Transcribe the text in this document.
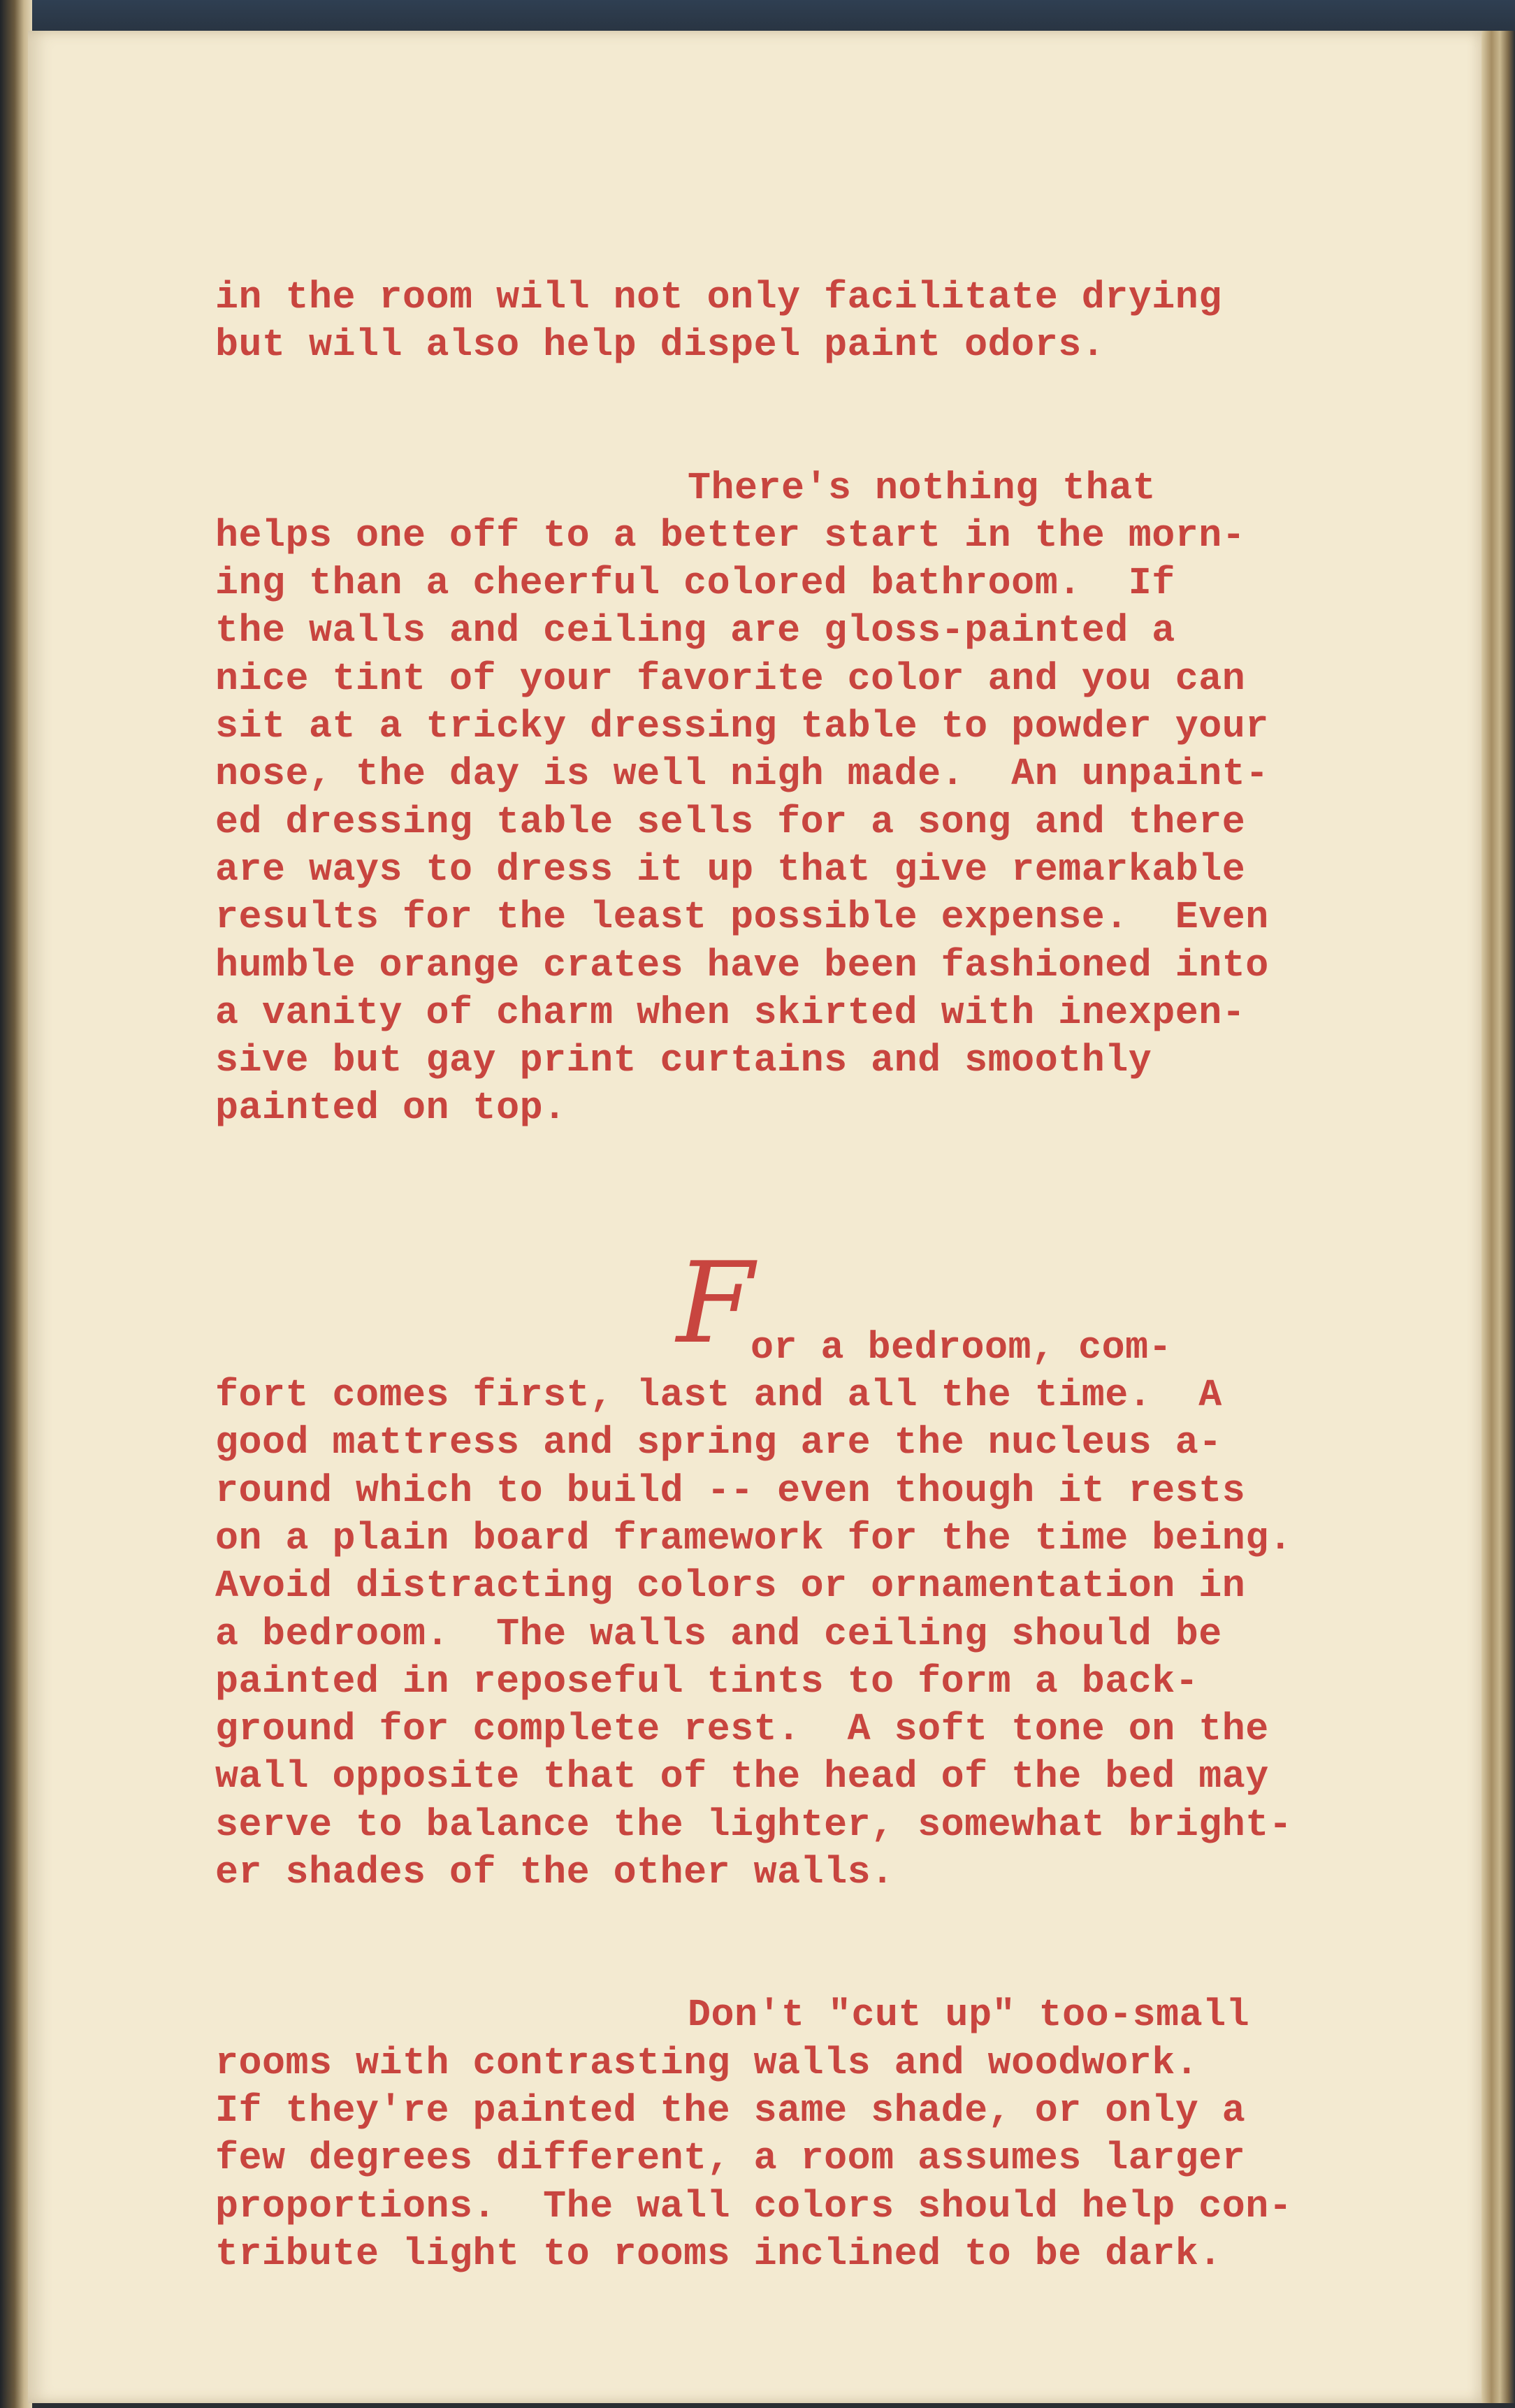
in the room will not only facilitate drying
but will also help dispel paint odors.
There's nothing that
helps one off to a better start in the morn-
ing than a cheerful colored bathroom.  If
the walls and ceiling are gloss-painted a
nice tint of your favorite color and you can
sit at a tricky dressing table to powder your
nose, the day is well nigh made.  An unpaint-
ed dressing table sells for a song and there
are ways to dress it up that give remarkable
results for the least possible expense.  Even
humble orange crates have been fashioned into
a vanity of charm when skirted with inexpen-
sive but gay print curtains and smoothly
painted on top.
F
or a bedroom, com-
fort comes first, last and all the time.  A
good mattress and spring are the nucleus a-
round which to build -- even though it rests
on a plain board framework for the time being.
Avoid distracting colors or ornamentation in
a bedroom.  The walls and ceiling should be
painted in reposeful tints to form a back-
ground for complete rest.  A soft tone on the
wall opposite that of the head of the bed may
serve to balance the lighter, somewhat bright-
er shades of the other walls.
Don't "cut up" too-small
rooms with contrasting walls and woodwork.
If they're painted the same shade, or only a
few degrees different, a room assumes larger
proportions.  The wall colors should help con-
tribute light to rooms inclined to be dark.
